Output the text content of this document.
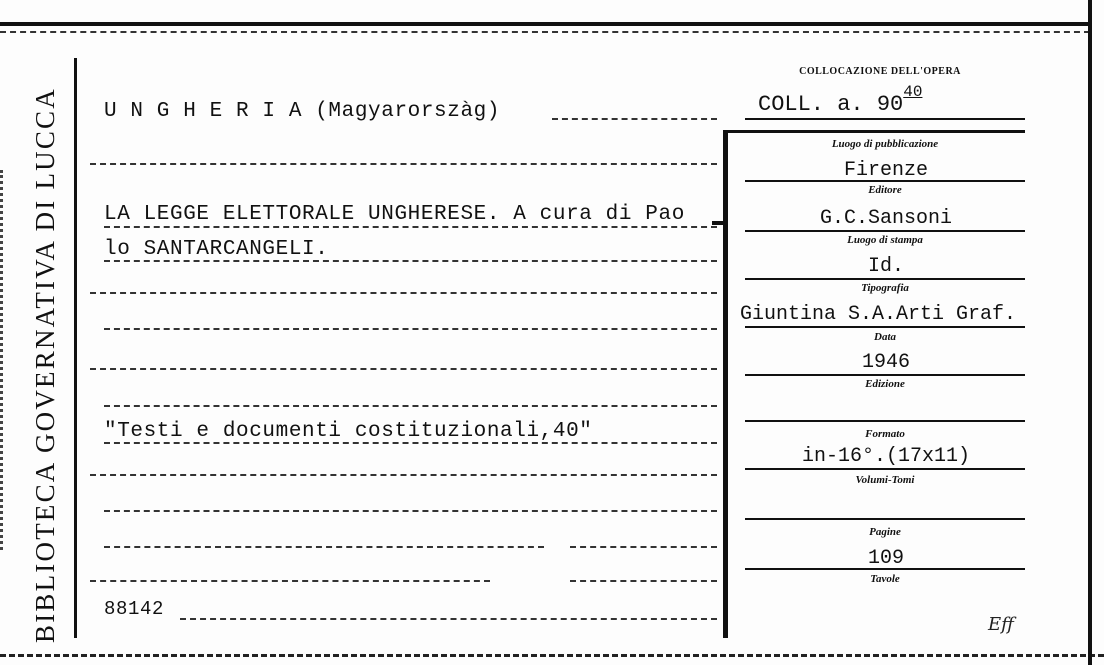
BIBLIOTECA GOVERNATIVA DI LUCCA U N G H E R I A (Magyarorszàg)
LA LEGGE ELETTORALE UNGHERESE. A cura di Pao
lo SANTARCANGELI.
"Testi e documenti costituzionali,40"
88142
COLLOCAZIONE DELL'OPERA
COLL. a. $90^{40}$
Luogo di pubblicazione
Firenze
Editore
G.C.Sansoni
Luogo di stampa
Id.
Tipografia
Giuntina S.A.Arti Graf.
Data
1946
Edizione
Formato
in-16°.(17x11)
Volumi-Tomi
Pagine
109
Tavole
Eff
